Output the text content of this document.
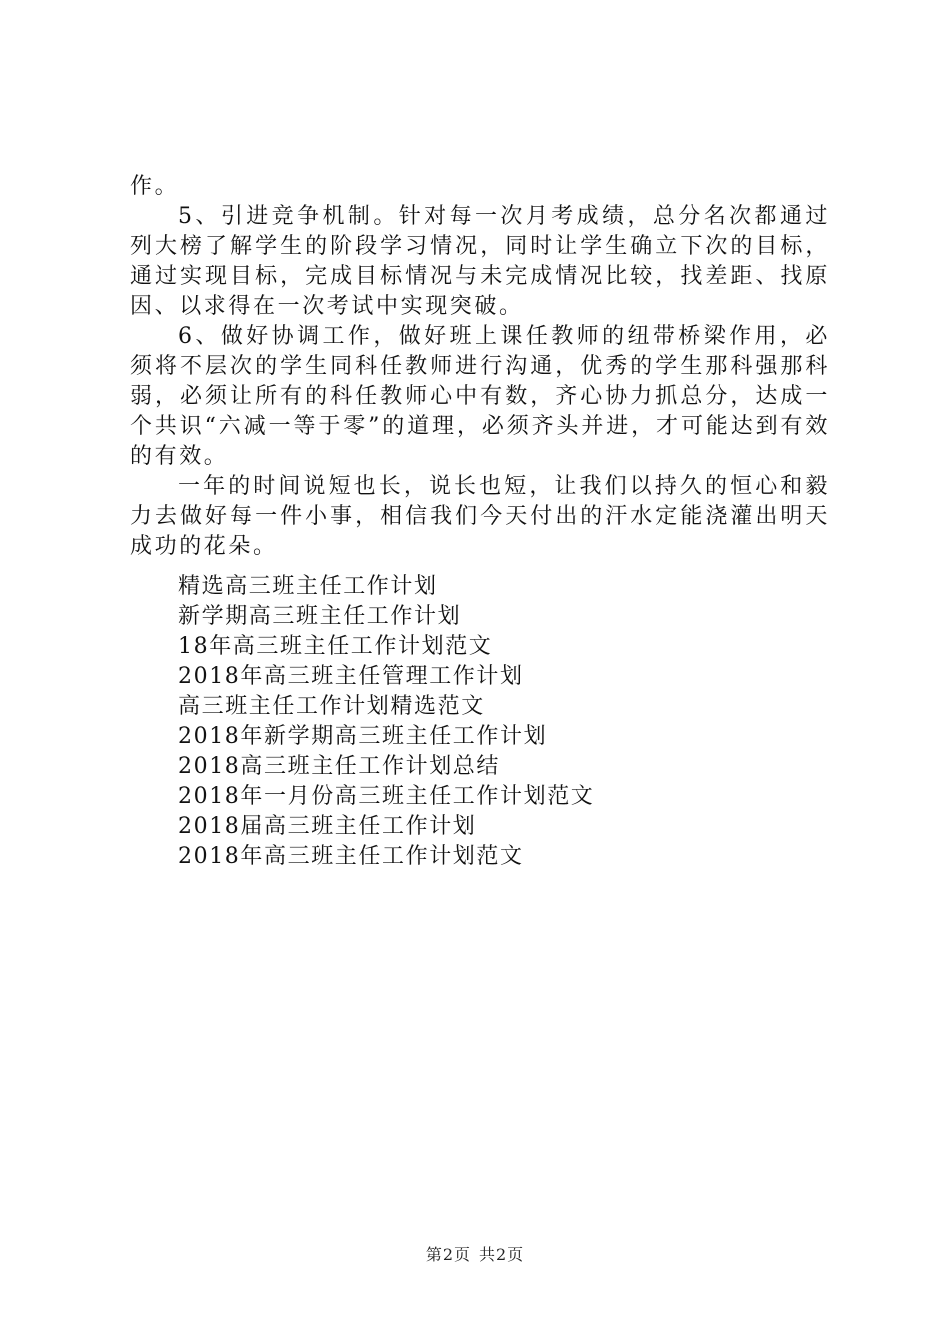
作。

5、引进竞争机制。针对每一次月考成绩，总分名次都通过列大榜了解学生的阶段学习情况，同时让学生确立下次的目标，通过实现目标，完成目标情况与未完成情况比较，找差距、找原因、以求得在一次考试中实现突破。

6、做好协调工作，做好班上课任教师的纽带桥梁作用，必须将不层次的学生同科任教师进行沟通，优秀的学生那科强那科弱，必须让所有的科任教师心中有数，齐心协力抓总分，达成一个共识“六减一等于零”的道理，必须齐头并进，才可能达到有效的有效。

一年的时间说短也长，说长也短，让我们以持久的恒心和毅力去做好每一件小事，相信我们今天付出的汗水定能浇灌出明天成功的花朵。

精选高三班主任工作计划

新学期高三班主任工作计划

18年高三班主任工作计划范文

2018年高三班主任管理工作计划

高三班主任工作计划精选范文

2018年新学期高三班主任工作计划

2018高三班主任工作计划总结

2018年一月份高三班主任工作计划范文

2018届高三班主任工作计划

2018年高三班主任工作计划范文

第2页 共2页
